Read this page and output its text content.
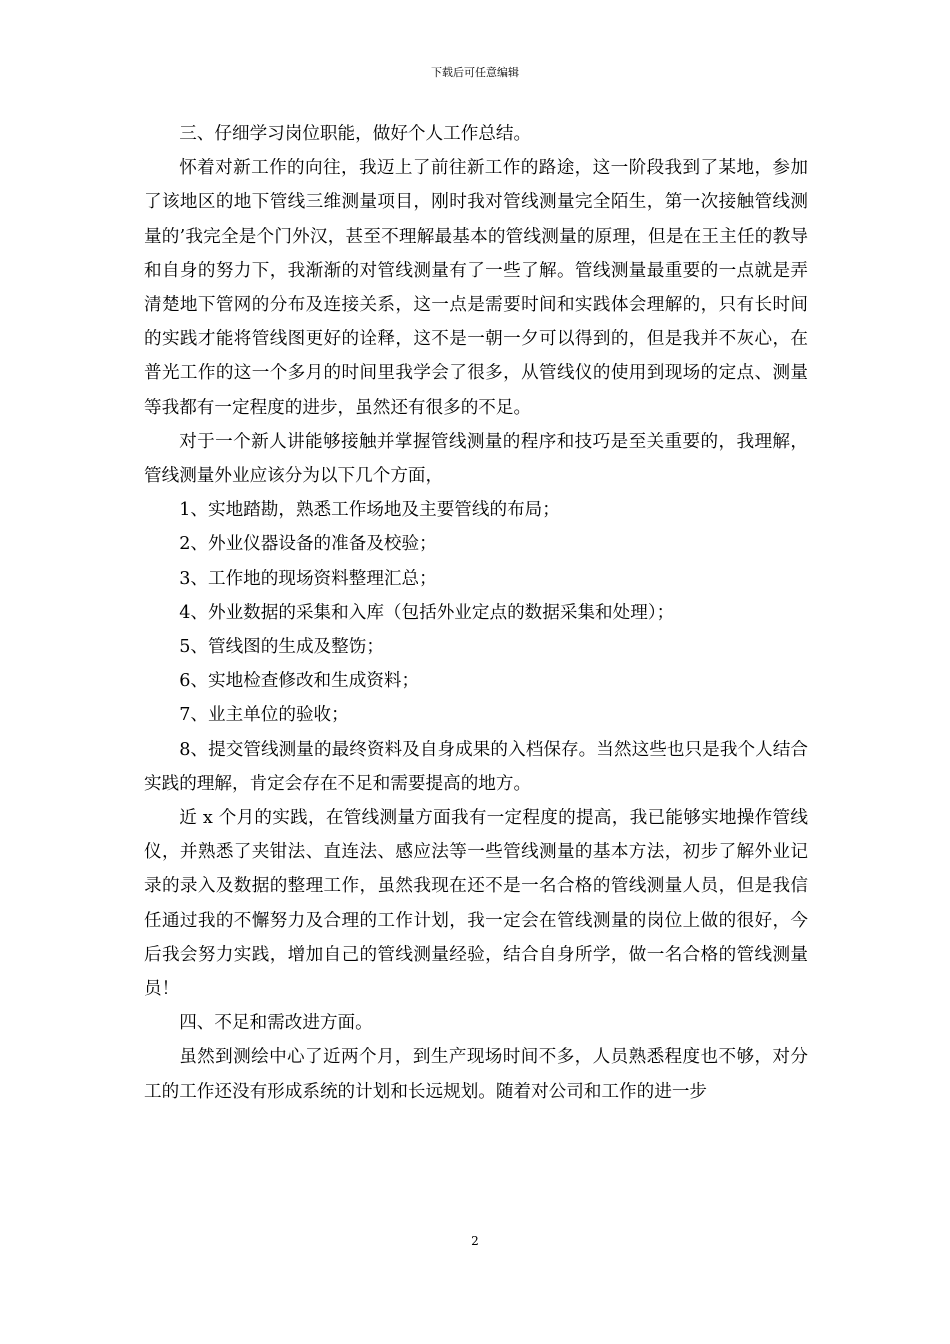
下载后可任意编辑

三、仔细学习岗位职能，做好个人工作总结。

怀着对新工作的向往，我迈上了前往新工作的路途，这一阶段我到了某地，参加了该地区的地下管线三维测量项目，刚时我对管线测量完全陌生，第一次接触管线测量的’我完全是个门外汉，甚至不理解最基本的管线测量的原理，但是在王主任的教导和自身的努力下，我渐渐的对管线测量有了一些了解。管线测量最重要的一点就是弄清楚地下管网的分布及连接关系，这一点是需要时间和实践体会理解的，只有长时间的实践才能将管线图更好的诠释，这不是一朝一夕可以得到的，但是我并不灰心，在普光工作的这一个多月的时间里我学会了很多，从管线仪的使用到现场的定点、测量等我都有一定程度的进步，虽然还有很多的不足。

对于一个新人讲能够接触并掌握管线测量的程序和技巧是至关重要的，我理解，管线测量外业应该分为以下几个方面，

1、实地踏勘，熟悉工作场地及主要管线的布局；

2、外业仪器设备的准备及校验；

3、工作地的现场资料整理汇总；

4、外业数据的采集和入库（包括外业定点的数据采集和处理）；

5、管线图的生成及整饬；

6、实地检查修改和生成资料；

7、业主单位的验收；

8、提交管线测量的最终资料及自身成果的入档保存。当然这些也只是我个人结合实践的理解，肯定会存在不足和需要提高的地方。

近 x 个月的实践，在管线测量方面我有一定程度的提高，我已能够实地操作管线仪，并熟悉了夹钳法、直连法、感应法等一些管线测量的基本方法，初步了解外业记录的录入及数据的整理工作，虽然我现在还不是一名合格的管线测量人员，但是我信任通过我的不懈努力及合理的工作计划，我一定会在管线测量的岗位上做的很好，今后我会努力实践，增加自己的管线测量经验，结合自身所学，做一名合格的管线测量员！

四、不足和需改进方面。

虽然到测绘中心了近两个月，到生产现场时间不多，人员熟悉程度也不够，对分工的工作还没有形成系统的计划和长远规划。随着对公司和工作的进一步

2
